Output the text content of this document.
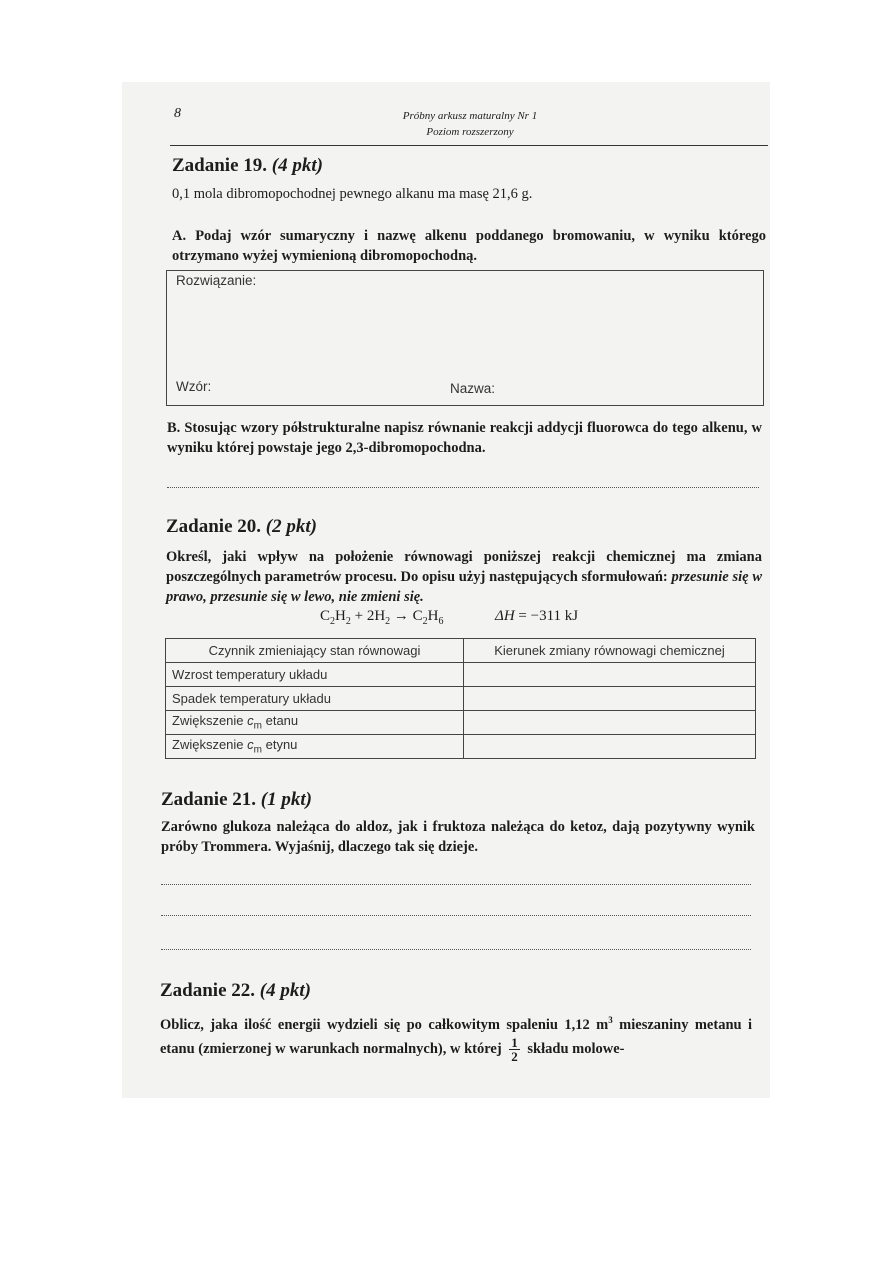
8	Próbny arkusz maturalny Nr 1
Poziom rozszerzony
Zadanie 19. (4 pkt)
0,1 mola dibromopochodnej pewnego alkanu ma masę 21,6 g.
A. Podaj wzór sumaryczny i nazwę alkenu poddanego bromowaniu, w wyniku którego otrzymano wyżej wymienioną dibromopochodną.
Rozwiązanie:
Wzór:	Nazwa:
B. Stosując wzory półstrukturalne napisz równanie reakcji addycji fluorowca do tego alkenu, w wyniku której powstaje jego 2,3-dibromopochodna.
Zadanie 20. (2 pkt)
Określ, jaki wpływ na położenie równowagi poniższej reakcji chemicznej ma zmiana poszczególnych parametrów procesu. Do opisu użyj następujących sformułowań: przesunie się w prawo, przesunie się w lewo, nie zmieni się.
$C_2H_2 + 2H_2 \to C_2H_6$	ΔH = −311 kJ
Czynnik zmieniający stan równowagi	Kierunek zmiany równowagi chemicznej
Wzrost temperatury układu	
Spadek temperatury układu	
Zwiększenie $c_m$ etanu	
Zwiększenie $c_m$ etynu	
Zadanie 21. (1 pkt)
Zarówno glukoza należąca do aldoz, jak i fruktoza należąca do ketoz, dają pozytywny wynik próby Trommera. Wyjaśnij, dlaczego tak się dzieje.
Zadanie 22. (4 pkt)
Oblicz, jaka ilość energii wydzieli się po całkowitym spaleniu 1,12 $m^3$ mieszaniny metanu i etanu (zmierzonej w warunkach normalnych), w której $\frac{1}{2}$ składu molowe-
